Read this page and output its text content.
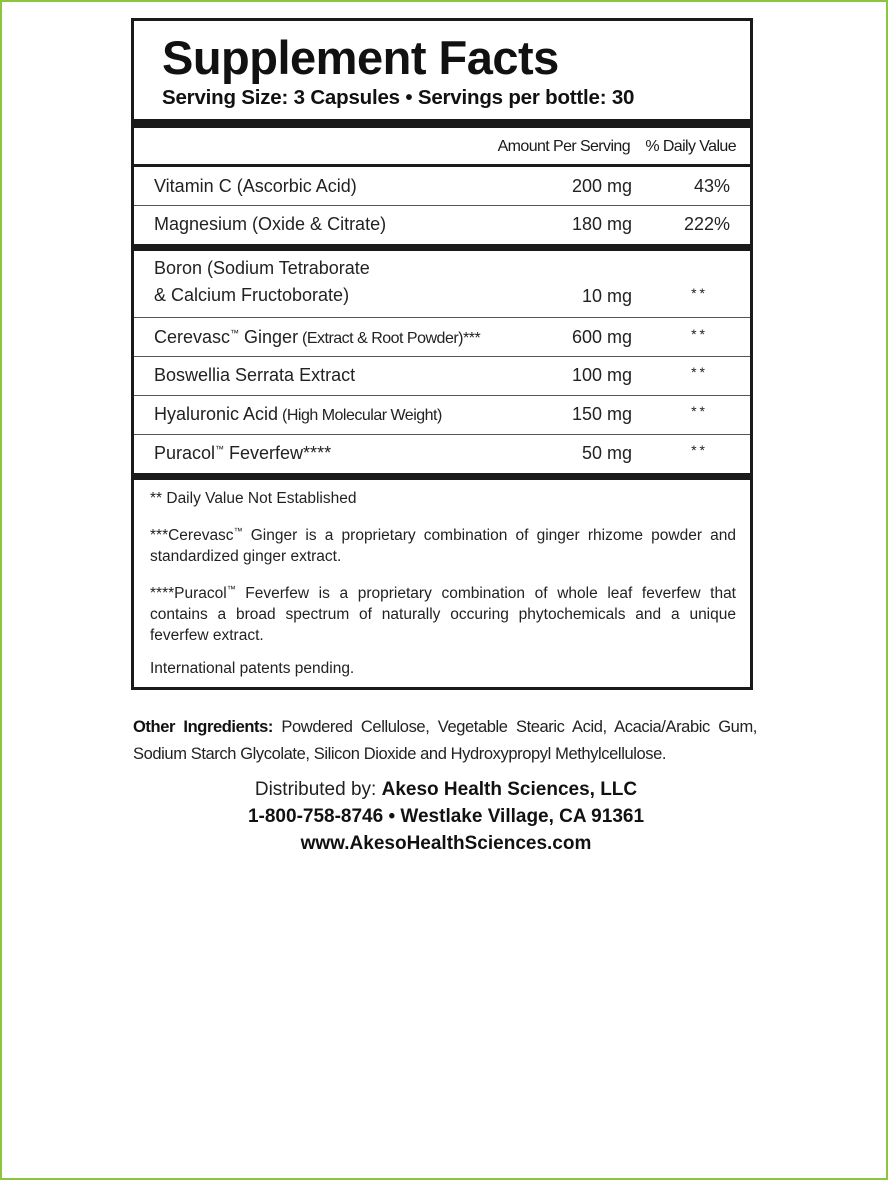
Supplement Facts
Serving Size: 3 Capsules • Servings per bottle: 30
Amount Per Serving % Daily Value
Vitamin C (Ascorbic Acid)	200 mg	43%
Magnesium (Oxide & Citrate)	180 mg	222%
Boron (Sodium Tetraborate
& Calcium Fructoborate)	10 mg	**
Cerevasc™ Ginger (Extract & Root Powder)***	600 mg	**
Boswellia Serrata Extract	100 mg	**
Hyaluronic Acid (High Molecular Weight)	150 mg	**
Puracol™ Feverfew****	50 mg	**

** Daily Value Not Established

***Cerevasc™ Ginger is a proprietary combination of ginger rhizome powder and standardized ginger extract.

****Puracol™ Feverfew is a proprietary combination of whole leaf feverfew that contains a broad spectrum of naturally occuring phytochemicals and a unique feverfew extract.

International patents pending.

Other Ingredients: Powdered Cellulose, Vegetable Stearic Acid, Acacia/Arabic Gum, Sodium Starch Glycolate, Silicon Dioxide and Hydroxypropyl Methylcellulose.
Distributed by: Akeso Health Sciences, LLC
1-800-758-8746 • Westlake Village, CA 91361
www.AkesoHealthSciences.com
